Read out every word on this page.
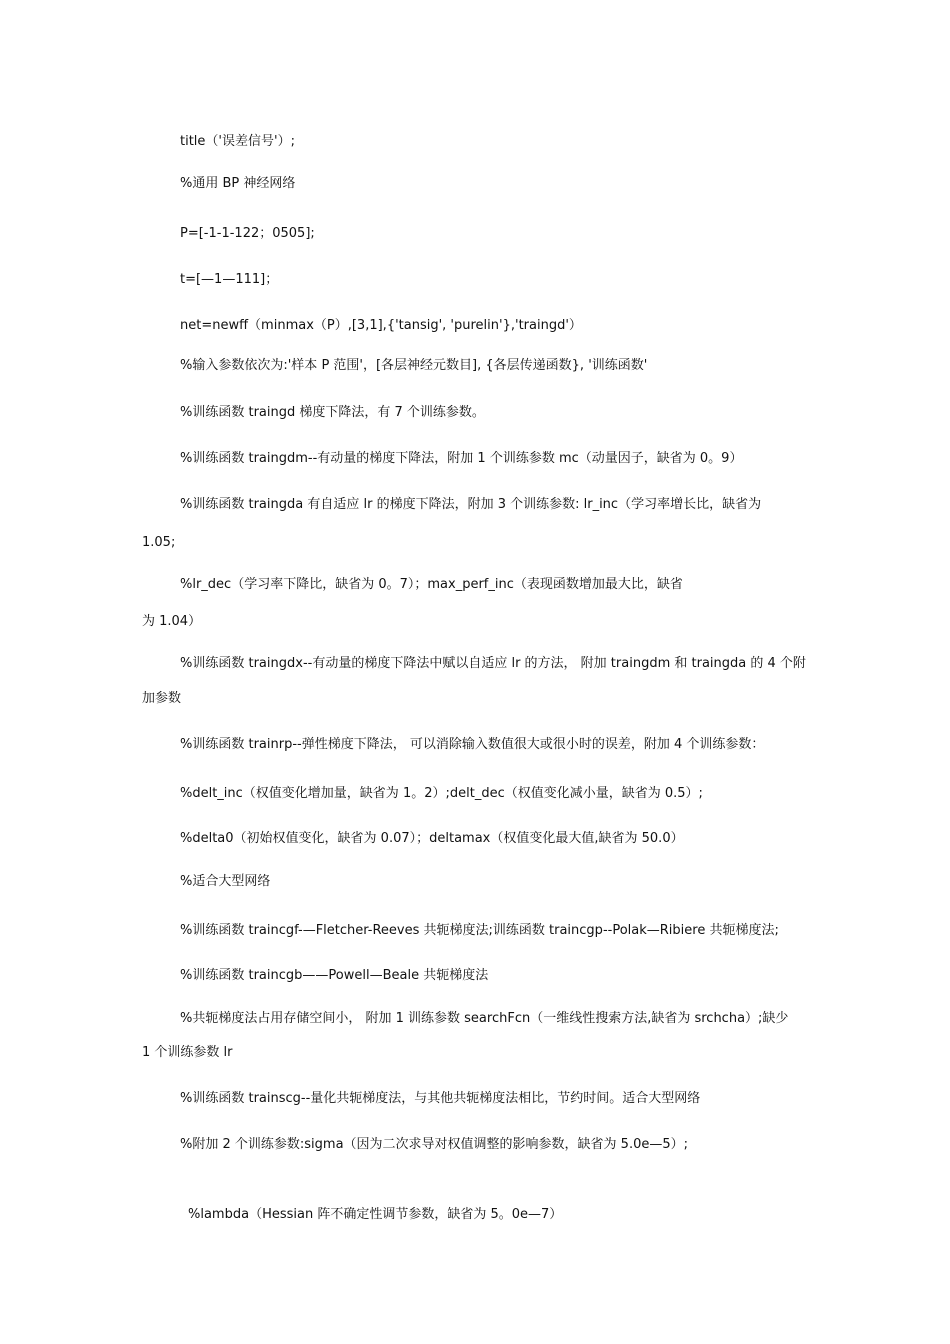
title（'误差信号'）;
%通用 BP 神经网络
P=[-1-1-122；0505];
t=[—1—111]；
net=newff（minmax（P）,[3,1],{'tansig', 'purelin'},'traingd'）
%输入参数依次为:'样本 P 范围'，[各层神经元数目], {各层传递函数}, '训练函数'
%训练函数 traingd 梯度下降法，有 7 个训练参数。
%训练函数 traingdm--有动量的梯度下降法，附加 1 个训练参数 mc（动量因子，缺省为 0。9）
%训练函数 traingda 有自适应 lr 的梯度下降法，附加 3 个训练参数: lr_inc（学习率增长比，缺省为
1.05;
%lr_dec（学习率下降比，缺省为 0。7）；max_perf_inc（表现函数增加最大比，缺省
为 1.04）
%训练函数 traingdx--有动量的梯度下降法中赋以自适应 lr 的方法， 附加 traingdm 和 traingda 的 4 个附
加参数
%训练函数 trainrp--弹性梯度下降法， 可以消除输入数值很大或很小时的误差，附加 4 个训练参数：
%delt_inc（权值变化增加量，缺省为 1。2）;delt_dec（权值变化减小量，缺省为 0.5）;
%delta0（初始权值变化，缺省为 0.07）；deltamax（权值变化最大值,缺省为 50.0）
%适合大型网络
%训练函数 traincgf-—Fletcher-Reeves 共轭梯度法;训练函数 traincgp--Polak—Ribiere 共轭梯度法;
%训练函数 traincgb——Powell—Beale 共轭梯度法
%共轭梯度法占用存储空间小， 附加 1 训练参数 searchFcn（一维线性搜索方法,缺省为 srchcha）;缺少
1 个训练参数 lr
%训练函数 trainscg--量化共轭梯度法，与其他共轭梯度法相比，节约时间。适合大型网络
%附加 2 个训练参数:sigma（因为二次求导对权值调整的影响参数，缺省为 5.0e—5）;
%lambda（Hessian 阵不确定性调节参数，缺省为 5。0e—7）
